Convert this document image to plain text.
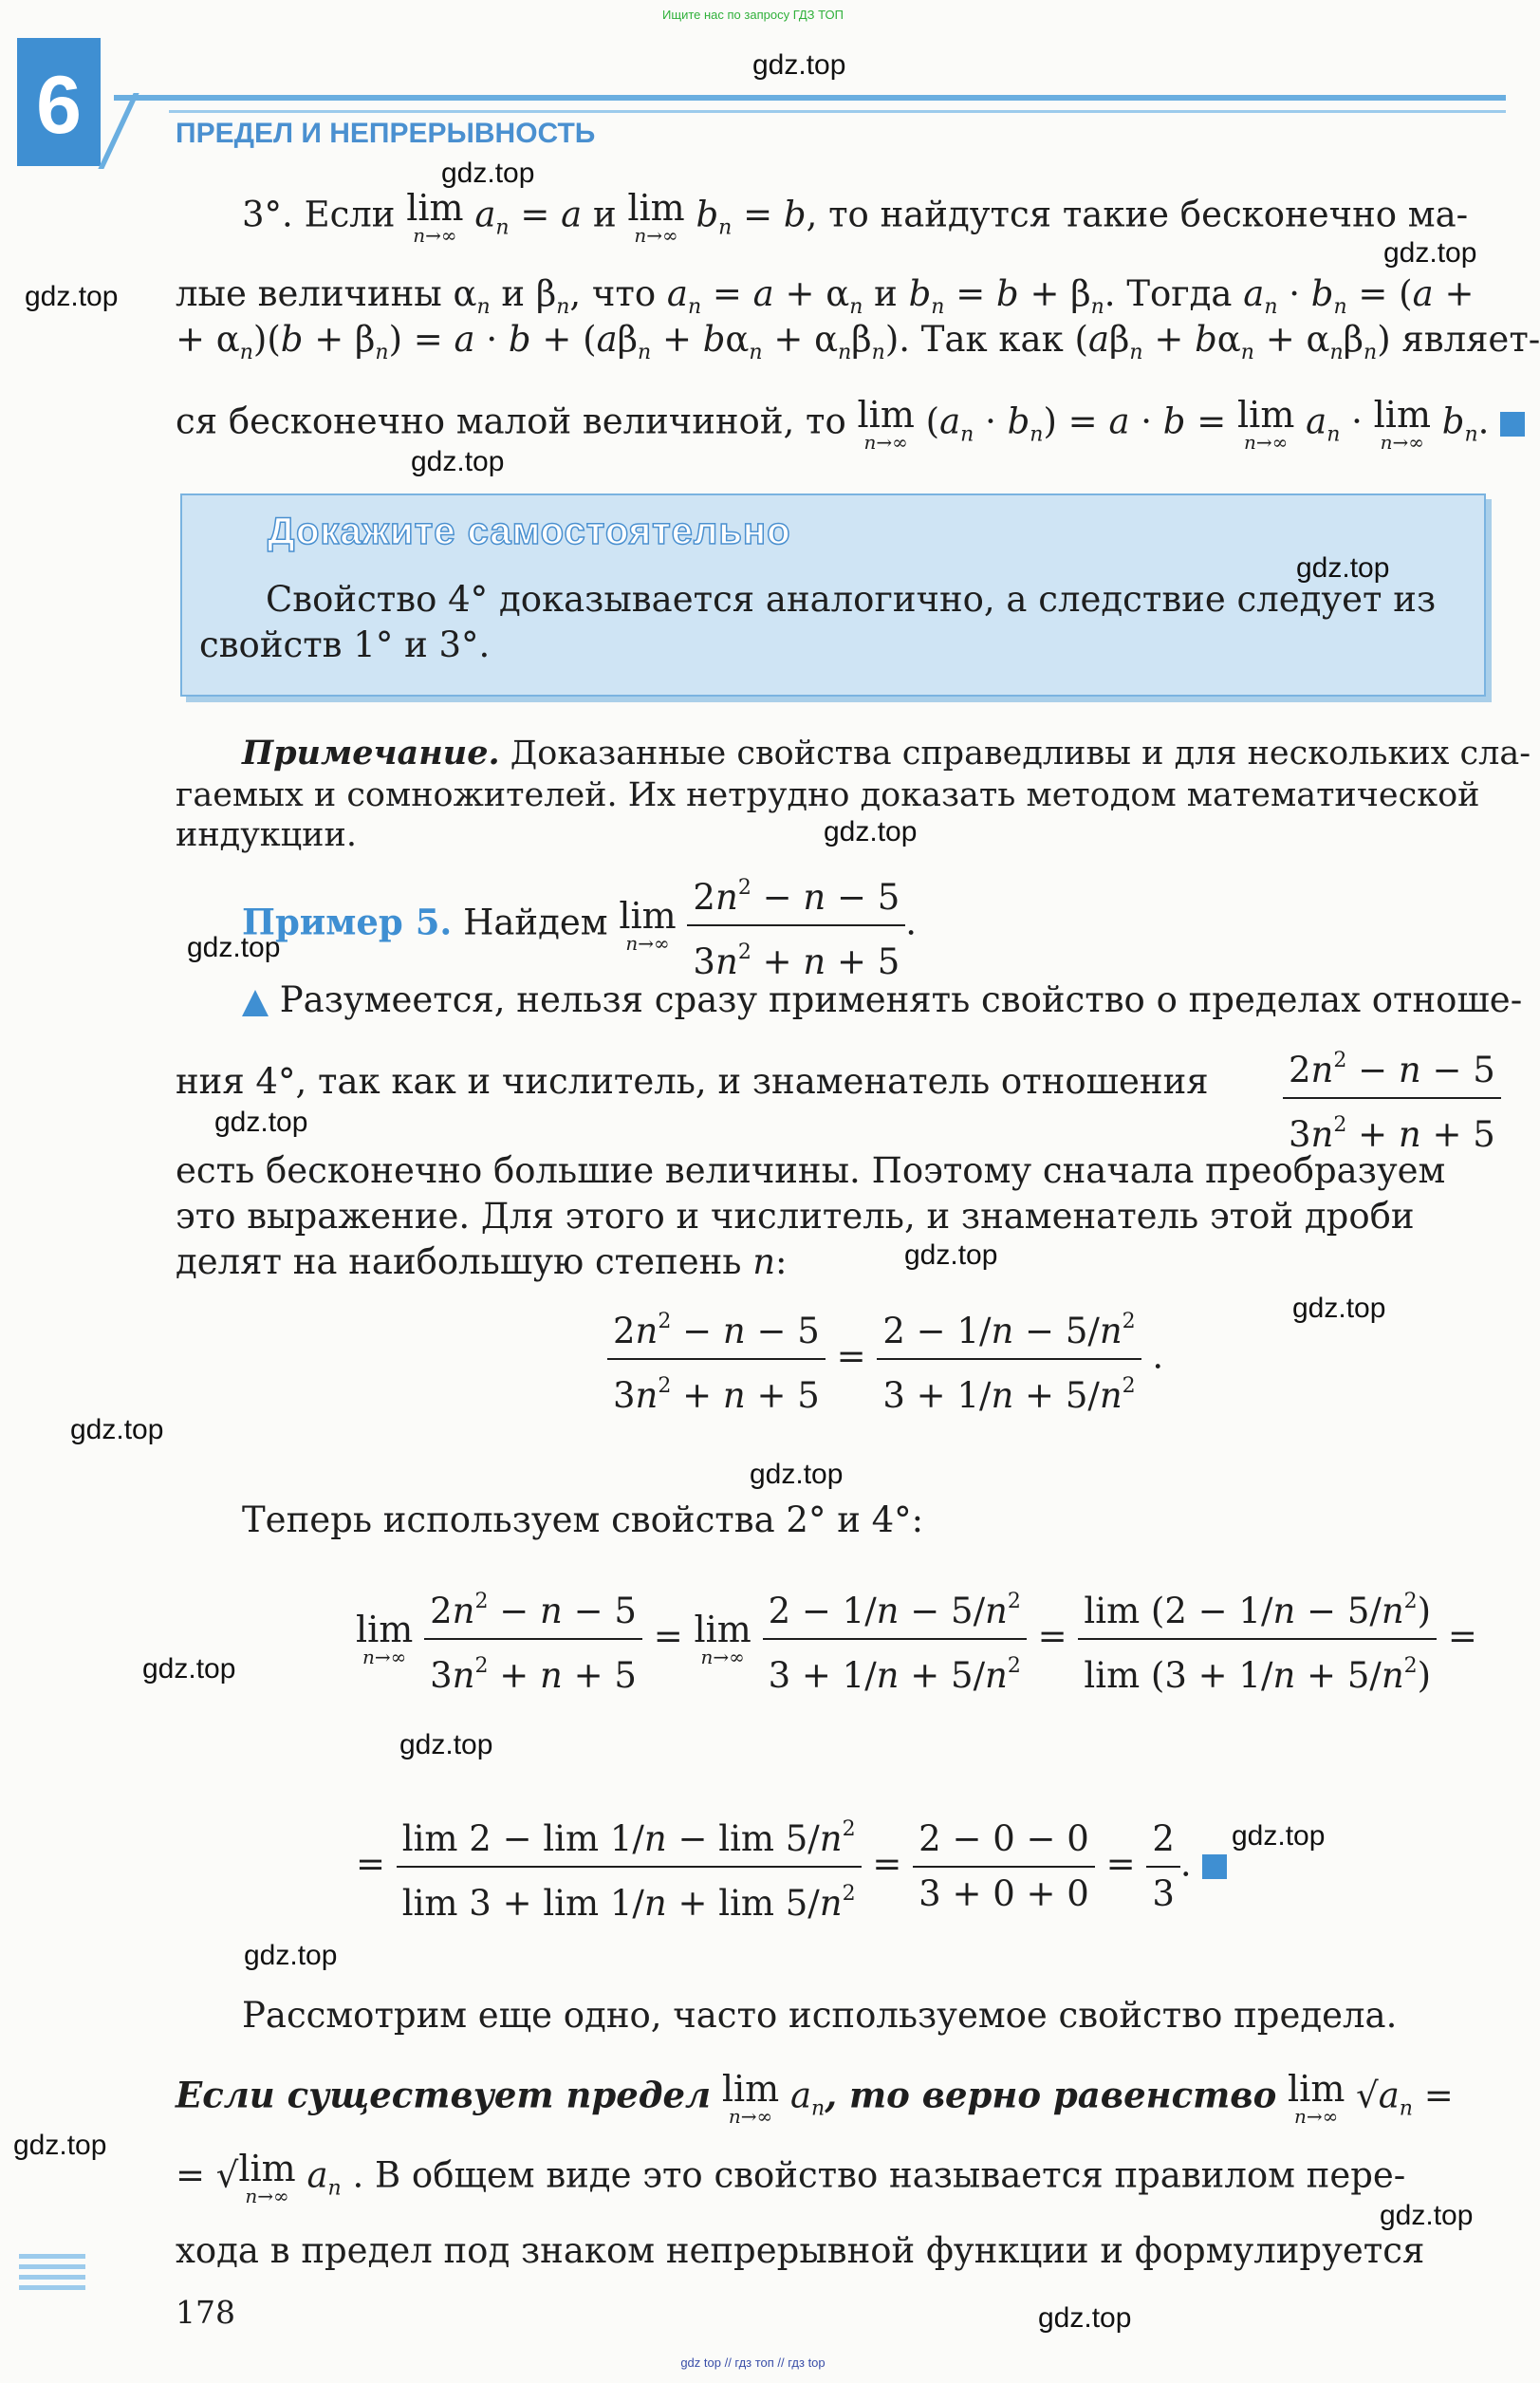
Ищите нас по запросу ГДЗ ТОП
6	ПРЕДЕЛ И НЕПРЕРЫВНОСТЬ
3°. Если lim
n→∞
$a_n = a$ и lim
n→∞
$b_n = b$, то найдутся такие бесконечно ма-
лые величины $\alpha_n$ и $\beta_n$, что $a_n = a + \alpha_n$ и $b_n = b + \beta_n$. Тогда $a_n \cdot b_n = (a$ +
+ $\alpha_n)(b + \beta_n) = a \cdot b + (a\beta_n + b\alpha_n + \alpha_n\beta_n)$. Так как $(a\beta_n + b\alpha_n + \alpha_n\beta_n)$ являет-
ся бесконечно малой величиной, то lim
n→∞
$(a_n \cdot b_n) = a \cdot b = \lim$
n→∞
$a_n \cdot \lim$
n→∞
$b_n$.
Докажите самостоятельно
Свойство 4° доказывается аналогично, а следствие следует из
свойств 1° и 3°.
Примечание. Доказанные свойства справедливы и для нескольких сла-
гаемых и сомножителей. Их нетрудно доказать методом математической
индукции.
Пример 5. Найдем lim
n→∞
$\frac{2n^2 - n - 5}{3n^2 + n + 5}$ .
Разумеется, нельзя сразу применять свойство о пределах отноше-
ния 4°, так как и числитель, и знаменатель отношения $\frac{2n^2 - n - 5}{3n^2 + n + 5}$
есть бесконечно большие величины. Поэтому сначала преобразуем
это выражение. Для этого и числитель, и знаменатель этой дроби
делят на наибольшую степень n:
$\frac{2n^2 - n - 5}{3n^2 + n + 5} = \frac{2 - 1/n - 5/n^2}{3 + 1/n + 5/n^2}$ .
Теперь используем свойства 2° и 4°:
lim
n→∞
$\frac{2n^2 - n - 5}{3n^2 + n + 5} = \lim$
n→∞
$\frac{2 - 1/n - 5/n^2}{3 + 1/n + 5/n^2} = \frac{\lim (2 - 1/n - 5/n^2)}{\lim (3 + 1/n + 5/n^2)}$ =
= $\frac{\lim 2 - \lim 1/n - \lim 5/n^2}{\lim 3 + \lim 1/n + \lim 5/n^2} = \frac{2 - 0 - 0}{3 + 0 + 0} = \frac{2}{3}$ .
Рассмотрим еще одно, часто используемое свойство предела.
Если существует предел lim
n→∞
$a_n$, то верно равенство lim
n→∞
$√a_n$ =
= √ lim
n→∞
$a_n$ . В общем виде это свойство называется правилом пере-
хода в предел под знаком непрерывной функции и формулируется
178
gdz.top
gdz.top
gdz.top
gdz.top
gdz.top
gdz.top
gdz.top
gdz.top
gdz.top
gdz.top
gdz.top
gdz.top
gdz.top
gdz.top
gdz.top
gdz.top
gdz.top
gdz.top
gdz.top
gdz.top
gdz top // гдз топ // гдз top
